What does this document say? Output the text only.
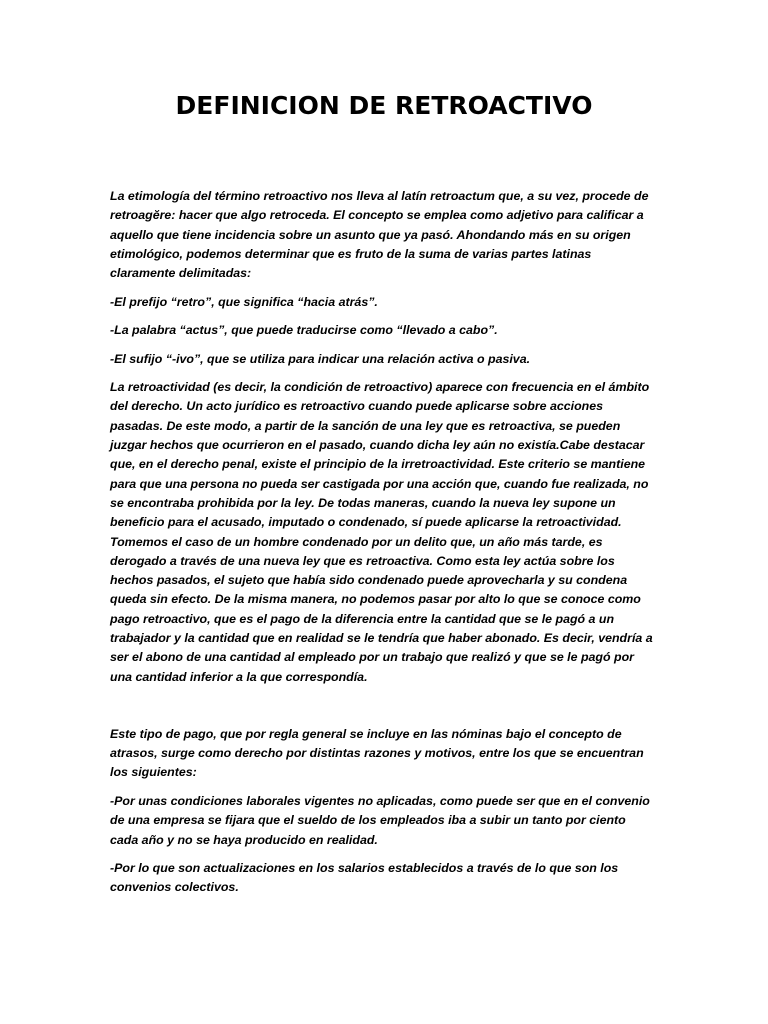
DEFINICION DE RETROACTIVO

La etimología del término retroactivo nos lleva al latín retroactum que, a su vez, procede de retroagĕre: hacer que algo retroceda. El concepto se emplea como adjetivo para calificar a aquello que tiene incidencia sobre un asunto que ya pasó. Ahondando más en su origen etimológico, podemos determinar que es fruto de la suma de varias partes latinas claramente delimitadas:

-El prefijo “retro”, que significa “hacia atrás”.

-La palabra “actus”, que puede traducirse como “llevado a cabo”.

-El sufijo “-ivo”, que se utiliza para indicar una relación activa o pasiva.

La retroactividad (es decir, la condición de retroactivo) aparece con frecuencia en el ámbito del derecho. Un acto jurídico es retroactivo cuando puede aplicarse sobre acciones pasadas. De este modo, a partir de la sanción de una ley que es retroactiva, se pueden juzgar hechos que ocurrieron en el pasado, cuando dicha ley aún no existía.Cabe destacar que, en el derecho penal, existe el principio de la irretroactividad. Este criterio se mantiene para que una persona no pueda ser castigada por una acción que, cuando fue realizada, no se encontraba prohibida por la ley. De todas maneras, cuando la nueva ley supone un beneficio para el acusado, imputado o condenado, sí puede aplicarse la retroactividad. Tomemos el caso de un hombre condenado por un delito que, un año más tarde, es derogado a través de una nueva ley que es retroactiva. Como esta ley actúa sobre los hechos pasados, el sujeto que había sido condenado puede aprovecharla y su condena queda sin efecto. De la misma manera, no podemos pasar por alto lo que se conoce como pago retroactivo, que es el pago de la diferencia entre la cantidad que se le pagó a un trabajador y la cantidad que en realidad se le tendría que haber abonado. Es decir, vendría a ser el abono de una cantidad al empleado por un trabajo que realizó y que se le pagó por una cantidad inferior a la que correspondía.

Este tipo de pago, que por regla general se incluye en las nóminas bajo el concepto de atrasos, surge como derecho por distintas razones y motivos, entre los que se encuentran los siguientes:

-Por unas condiciones laborales vigentes no aplicadas, como puede ser que en el convenio de una empresa se fijara que el sueldo de los empleados iba a subir un tanto por ciento cada año y no se haya producido en realidad.

-Por lo que son actualizaciones en los salarios establecidos a través de lo que son los convenios colectivos.
